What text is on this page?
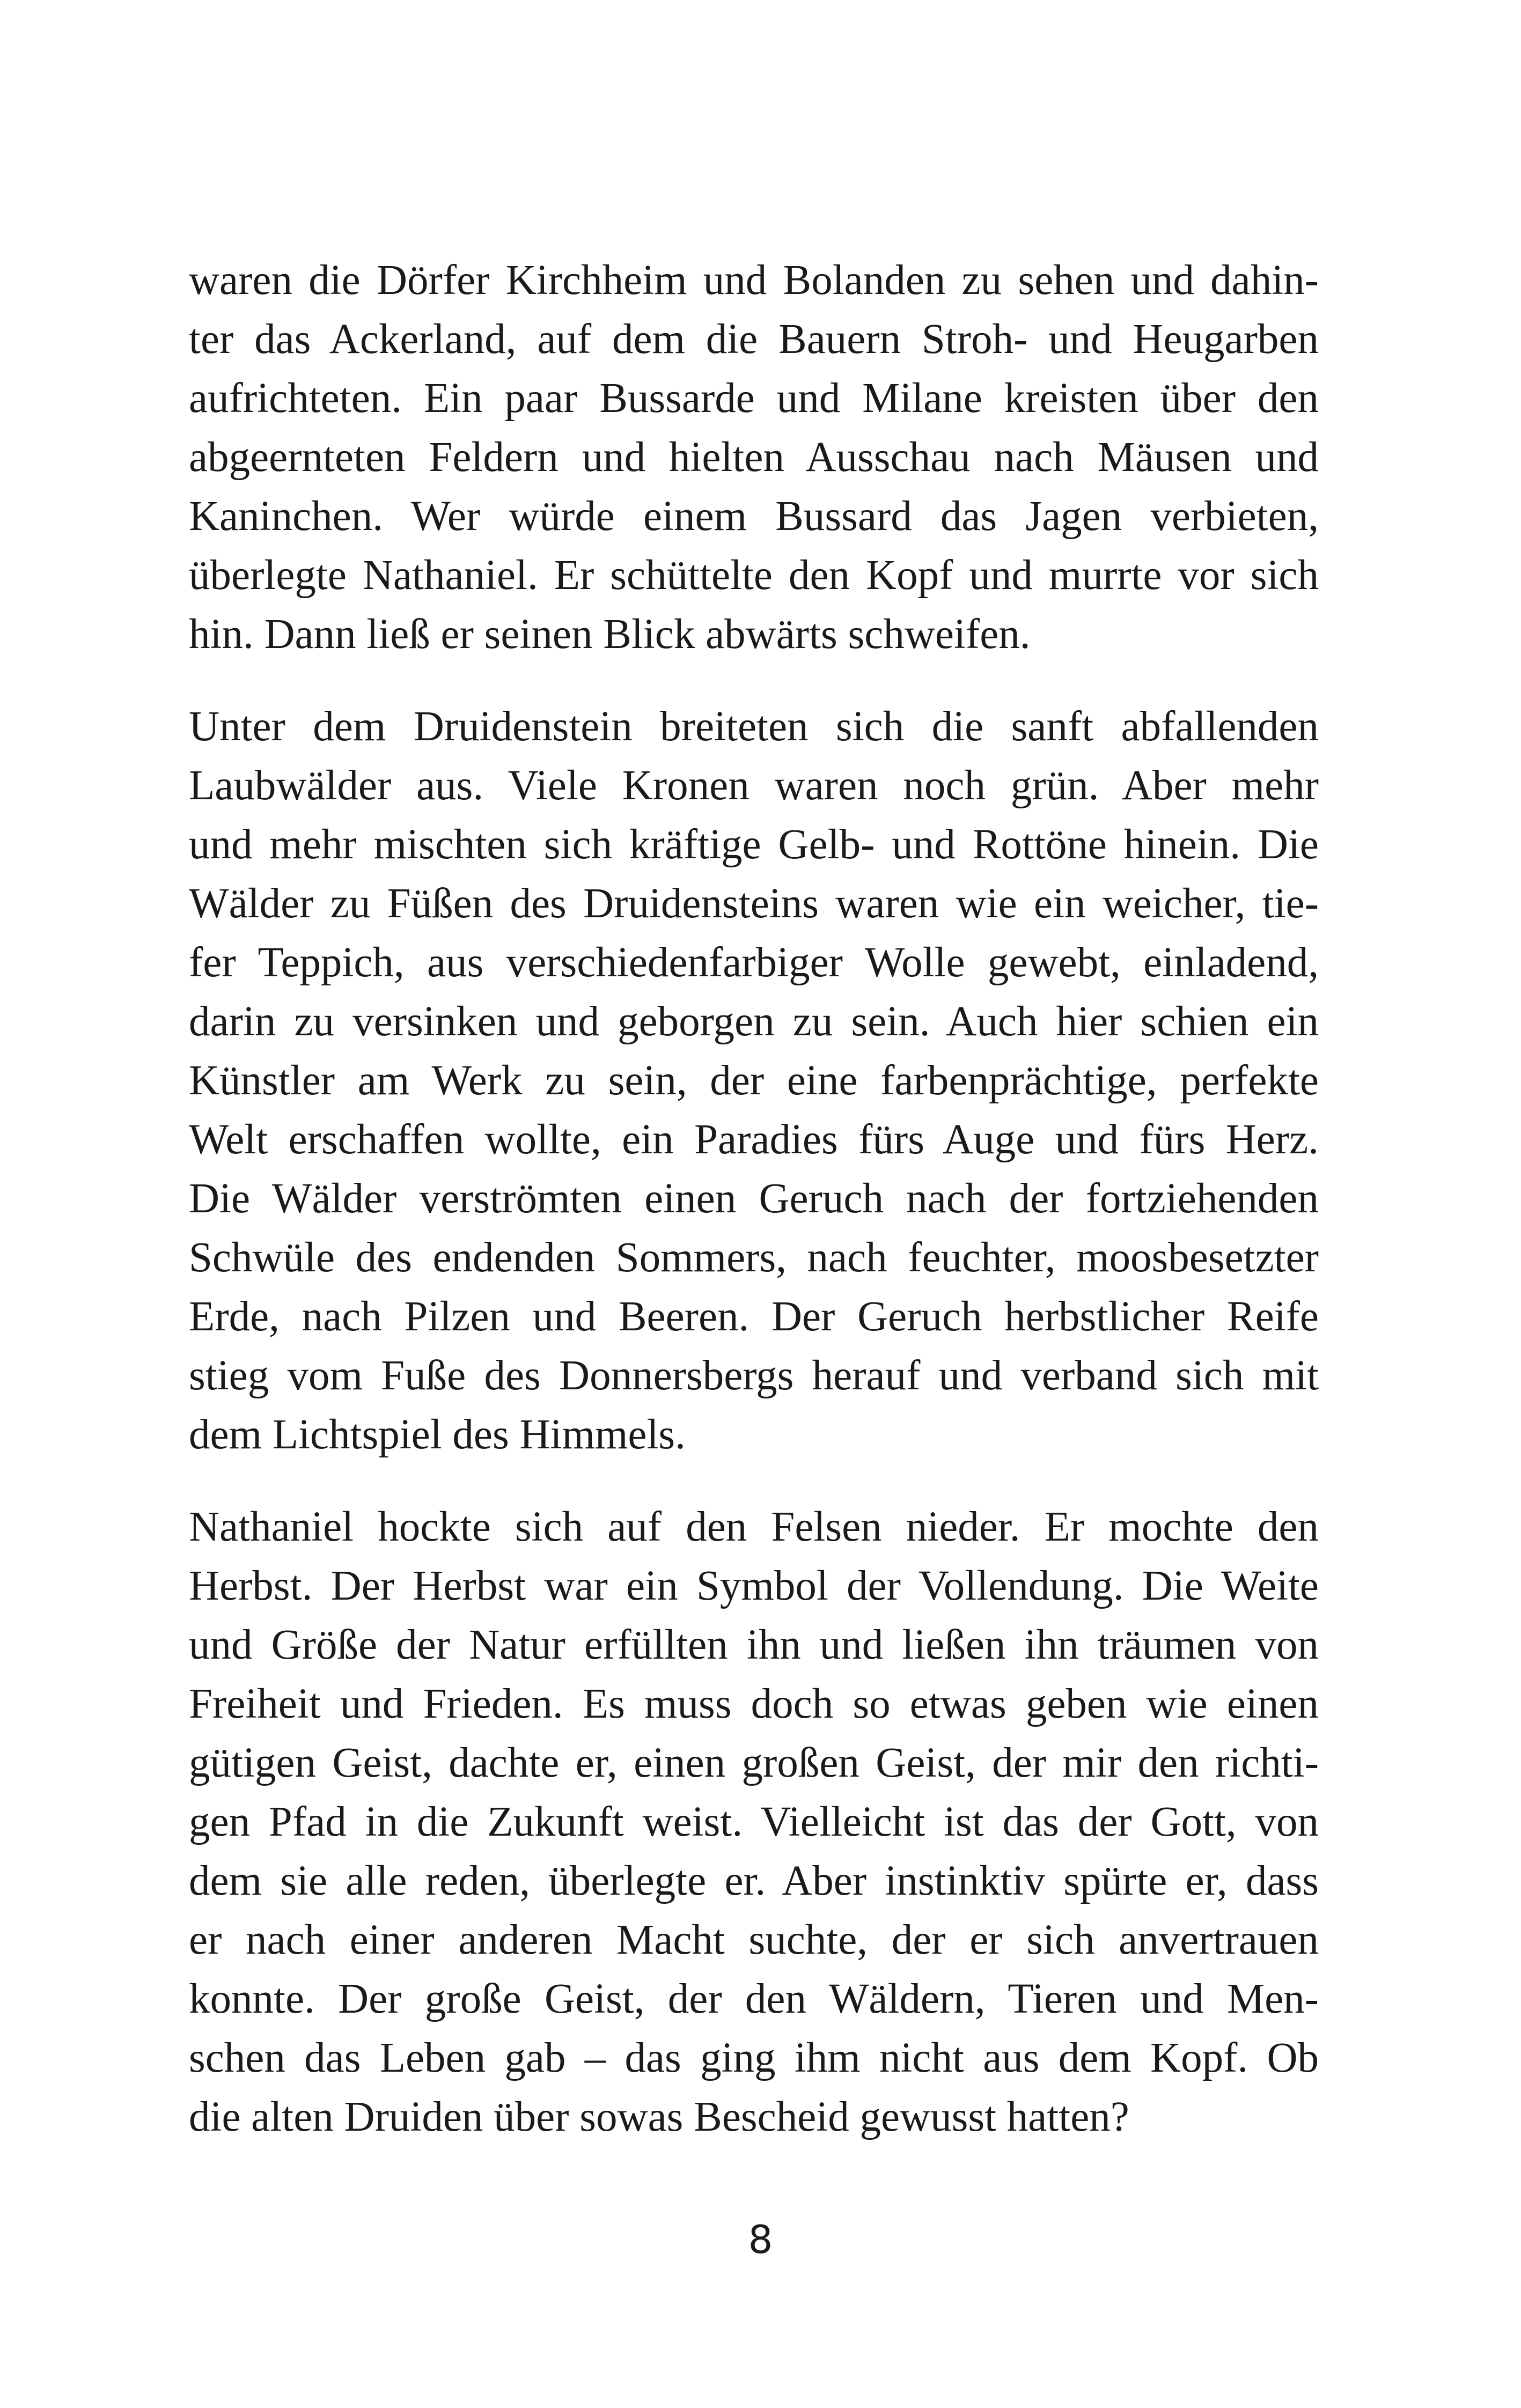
waren die Dörfer Kirchheim und Bolanden zu sehen und dahin-
ter das Ackerland, auf dem die Bauern Stroh- und Heugarben
aufrichteten. Ein paar Bussarde und Milane kreisten über den
abgeernteten Feldern und hielten Ausschau nach Mäusen und
Kaninchen. Wer würde einem Bussard das Jagen verbieten,
überlegte Nathaniel. Er schüttelte den Kopf und murrte vor sich
hin. Dann ließ er seinen Blick abwärts schweifen.
Unter dem Druidenstein breiteten sich die sanft abfallenden
Laubwälder aus. Viele Kronen waren noch grün. Aber mehr
und mehr mischten sich kräftige Gelb- und Rottöne hinein. Die
Wälder zu Füßen des Druidensteins waren wie ein weicher, tie-
fer Teppich, aus verschiedenfarbiger Wolle gewebt, einladend,
darin zu versinken und geborgen zu sein. Auch hier schien ein
Künstler am Werk zu sein, der eine farbenprächtige, perfekte
Welt erschaffen wollte, ein Paradies fürs Auge und fürs Herz.
Die Wälder verströmten einen Geruch nach der fortziehenden
Schwüle des endenden Sommers, nach feuchter, moosbesetzter
Erde, nach Pilzen und Beeren. Der Geruch herbstlicher Reife
stieg vom Fuße des Donnersbergs herauf und verband sich mit
dem Lichtspiel des Himmels.
Nathaniel hockte sich auf den Felsen nieder. Er mochte den
Herbst. Der Herbst war ein Symbol der Vollendung. Die Weite
und Größe der Natur erfüllten ihn und ließen ihn träumen von
Freiheit und Frieden. Es muss doch so etwas geben wie einen
gütigen Geist, dachte er, einen großen Geist, der mir den richti-
gen Pfad in die Zukunft weist. Vielleicht ist das der Gott, von
dem sie alle reden, überlegte er. Aber instinktiv spürte er, dass
er nach einer anderen Macht suchte, der er sich anvertrauen
konnte. Der große Geist, der den Wäldern, Tieren und Men-
schen das Leben gab – das ging ihm nicht aus dem Kopf. Ob
die alten Druiden über sowas Bescheid gewusst hatten?
8
